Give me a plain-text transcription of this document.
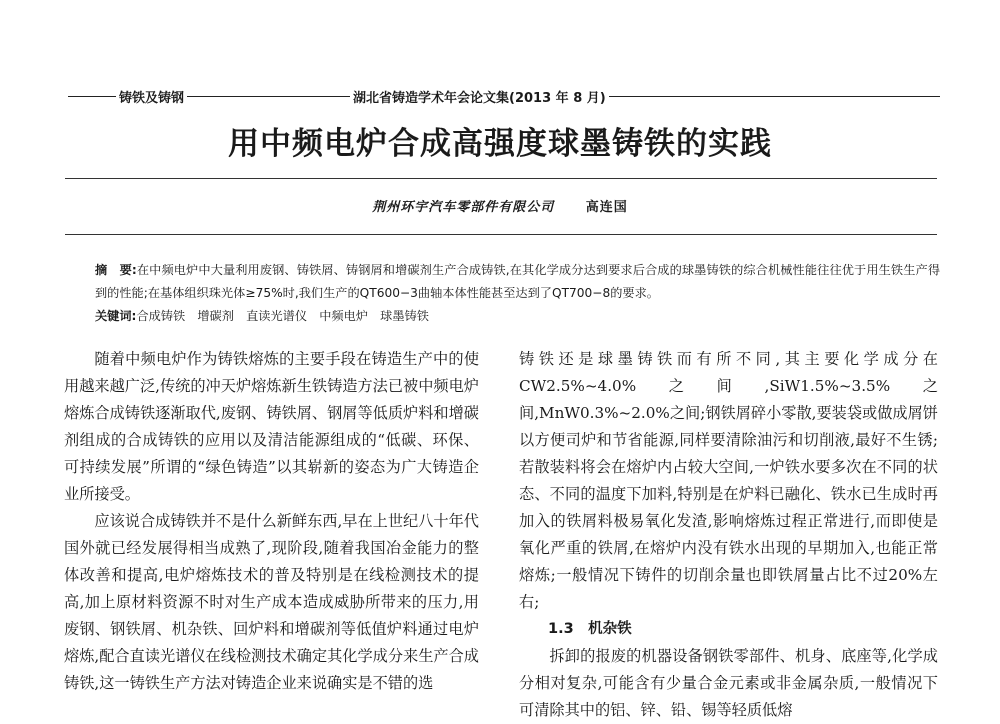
铸铁及铸钢	湖北省铸造学术年会论文集(2013 年 8 月)
用中频电炉合成高强度球墨铸铁的实践
荆州环宇汽车零部件有限公司 高连国
摘　要:在中频电炉中大量利用废钢、铸铁屑、铸钢屑和增碳剂生产合成铸铁,在其化学成分达到要求后合成的球墨铸铁的综合机械性能往往优于用生铁生产得到的性能;在基体组织珠光体≥75%时,我们生产的QT600−3曲轴本体性能甚至达到了QT700−8的要求。
关键词:合成铸铁　增碳剂　直读光谱仪　中频电炉　球墨铸铁

随着中频电炉作为铸铁熔炼的主要手段在铸造生产中的使用越来越广泛,传统的冲天炉熔炼新生铁铸造方法已被中频电炉熔炼合成铸铁逐渐取代,废钢、铸铁屑、钢屑等低质炉料和增碳剂组成的合成铸铁的应用以及清洁能源组成的“低碳、环保、可持续发展”所谓的“绿色铸造”以其崭新的姿态为广大铸造企业所接受。

应该说合成铸铁并不是什么新鲜东西,早在上世纪八十年代国外就已经发展得相当成熟了,现阶段,随着我国冶金能力的整体改善和提高,电炉熔炼技术的普及特别是在线检测技术的提高,加上原材料资源不时对生产成本造成威胁所带来的压力,用废钢、钢铁屑、机杂铁、回炉料和增碳剂等低值炉料通过电炉熔炼,配合直读光谱仪在线检测技术确定其化学成分来生产合成铸铁,这一铸铁生产方法对铸造企业来说确实是不错的选

铸铁还是球墨铸铁而有所不同,其主要化学成分在CW2.5%~4.0%之间,SiW1.5%~3.5%之间,MnW0.3%~2.0%之间;钢铁屑碎小零散,要装袋或做成屑饼以方便司炉和节省能源,同样要清除油污和切削液,最好不生锈;若散装料将会在熔炉内占较大空间,一炉铁水要多次在不同的状态、不同的温度下加料,特别是在炉料已融化、铁水已生成时再加入的铁屑料极易氧化发渣,影响熔炼过程正常进行,而即使是氧化严重的铁屑,在熔炉内没有铁水出现的早期加入,也能正常熔炼;一般情况下铸件的切削余量也即铁屑量占比不过20%左右;

1.3　机杂铁

拆卸的报废的机器设备钢铁零部件、机身、底座等,化学成分相对复杂,可能含有少量合金元素或非金属杂质,一般情况下可清除其中的铝、锌、铅、锡等轻质低熔
